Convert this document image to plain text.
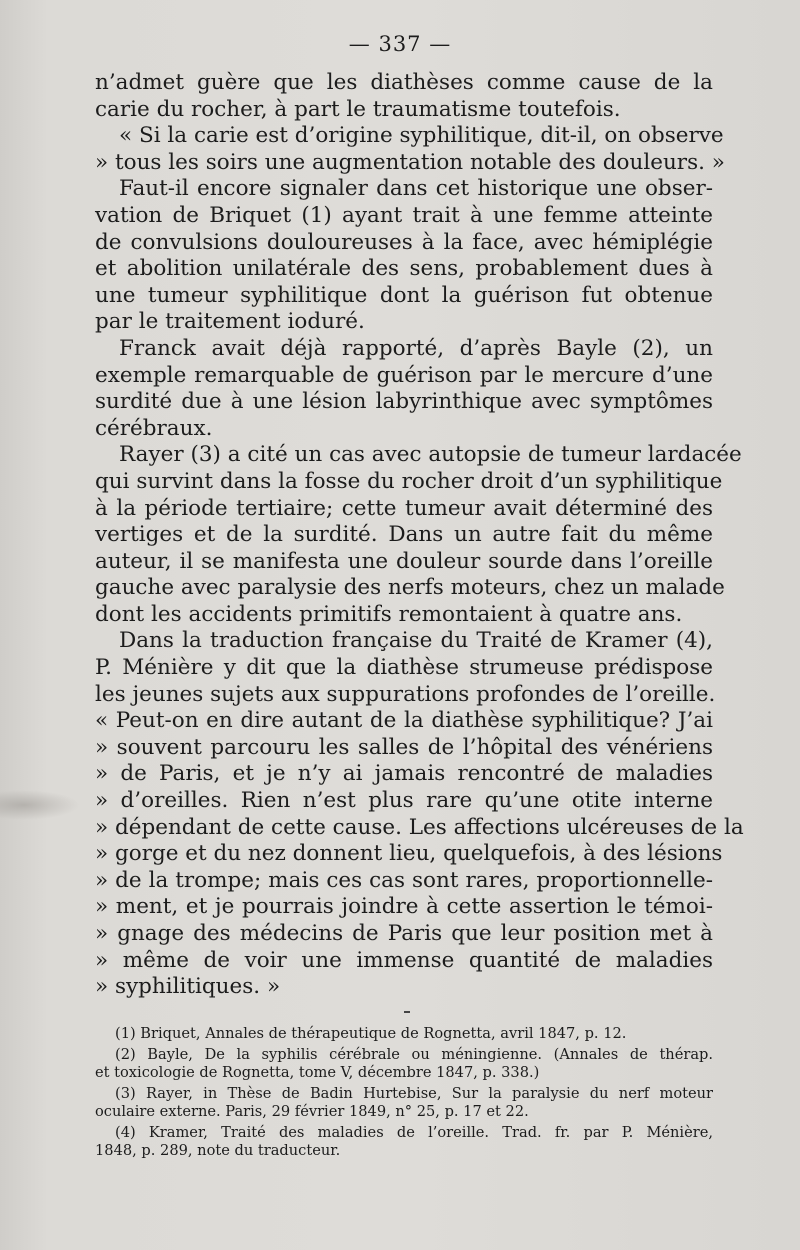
— 337 —

n’admet guère que les diathèses comme cause de la

carie du rocher, à part le traumatisme toutefois.

« Si la carie est d’origine syphilitique, dit-il, on observe

» tous les soirs une augmentation notable des douleurs. »

Faut-il encore signaler dans cet historique une obser-

vation de Briquet (1) ayant trait à une femme atteinte

de convulsions douloureuses à la face, avec hémiplégie

et abolition unilatérale des sens, probablement dues à

une tumeur syphilitique dont la guérison fut obtenue

par le traitement ioduré.

Franck avait déjà rapporté, d’après Bayle (2), un

exemple remarquable de guérison par le mercure d’une

surdité due à une lésion labyrinthique avec symptômes

cérébraux.

Rayer (3) a cité un cas avec autopsie de tumeur lardacée

qui survint dans la fosse du rocher droit d’un syphilitique

à la période tertiaire; cette tumeur avait déterminé des

vertiges et de la surdité. Dans un autre fait du même

auteur, il se manifesta une douleur sourde dans l’oreille

gauche avec paralysie des nerfs moteurs, chez un malade

dont les accidents primitifs remontaient à quatre ans.

Dans la traduction française du Traité de Kramer (4),

P. Ménière y dit que la diathèse strumeuse prédispose

les jeunes sujets aux suppurations profondes de l’oreille.

« Peut-on en dire autant de la diathèse syphilitique? J’ai

» souvent parcouru les salles de l’hôpital des vénériens

» de Paris, et je n’y ai jamais rencontré de maladies

» d’oreilles. Rien n’est plus rare qu’une otite interne

» dépendant de cette cause. Les affections ulcéreuses de la

» gorge et du nez donnent lieu, quelquefois, à des lésions

» de la trompe; mais ces cas sont rares, proportionnelle-

» ment, et je pourrais joindre à cette assertion le témoi-

» gnage des médecins de Paris que leur position met à

» même de voir une immense quantité de maladies

» syphilitiques. »

(1) Briquet, Annales de thérapeutique de Rognetta, avril 1847, p. 12.
(2) Bayle, De la syphilis cérébrale ou méningienne. (Annales de thérap.
et toxicologie de Rognetta, tome V, décembre 1847, p. 338.)
(3) Rayer, in Thèse de Badin Hurtebise, Sur la paralysie du nerf moteur
oculaire externe. Paris, 29 février 1849, n° 25, p. 17 et 22.
(4) Kramer, Traité des maladies de l’oreille. Trad. fr. par P. Ménière,
1848, p. 289, note du traducteur.
